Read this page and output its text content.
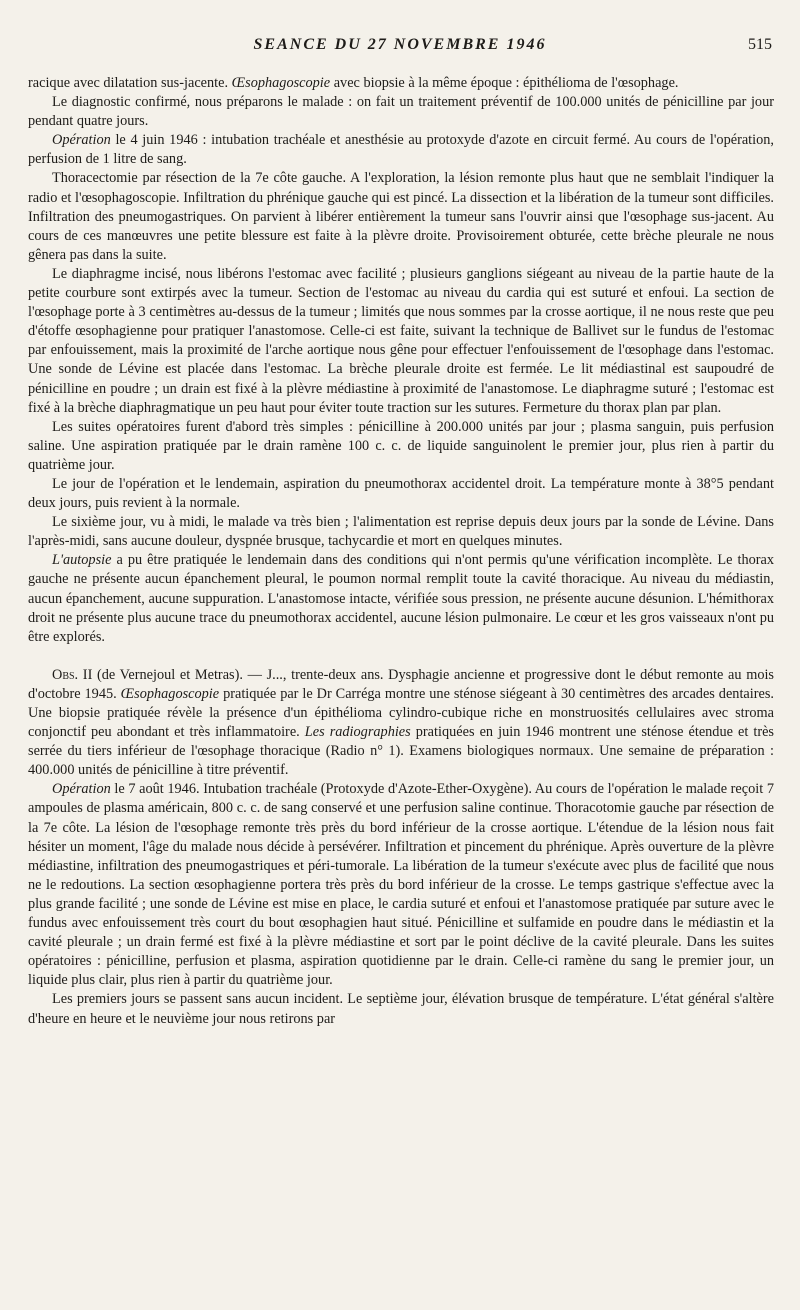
SEANCE DU 27 NOVEMBRE 1946	515

racique avec dilatation sus-jacente. Œsophagoscopie avec biopsie à la même époque : épithélioma de l'œsophage.

Le diagnostic confirmé, nous préparons le malade : on fait un traitement préventif de 100.000 unités de pénicilline par jour pendant quatre jours.

Opération le 4 juin 1946 : intubation trachéale et anesthésie au protoxyde d'azote en circuit fermé. Au cours de l'opération, perfusion de 1 litre de sang.

Thoracectomie par résection de la 7e côte gauche. A l'exploration, la lésion remonte plus haut que ne semblait l'indiquer la radio et l'œsophagoscopie. Infiltration du phrénique gauche qui est pincé. La dissection et la libération de la tumeur sont difficiles. Infiltration des pneumogastriques. On parvient à libérer entièrement la tumeur sans l'ouvrir ainsi que l'œsophage sus-jacent. Au cours de ces manœuvres une petite blessure est faite à la plèvre droite. Provisoirement obturée, cette brèche pleurale ne nous gênera pas dans la suite.

Le diaphragme incisé, nous libérons l'estomac avec facilité ; plusieurs ganglions siégeant au niveau de la partie haute de la petite courbure sont extirpés avec la tumeur. Section de l'estomac au niveau du cardia qui est suturé et enfoui. La section de l'œsophage porte à 3 centimètres au-dessus de la tumeur ; limités que nous sommes par la crosse aortique, il ne nous reste que peu d'étoffe œsophagienne pour pratiquer l'anastomose. Celle-ci est faite, suivant la technique de Ballivet sur le fundus de l'estomac par enfouissement, mais la proximité de l'arche aortique nous gêne pour effectuer l'enfouissement de l'œsophage dans l'estomac. Une sonde de Lévine est placée dans l'estomac. La brèche pleurale droite est fermée. Le lit médiastinal est saupoudré de pénicilline en poudre ; un drain est fixé à la plèvre médiastine à proximité de l'anastomose. Le diaphragme suturé ; l'estomac est fixé à la brèche diaphragmatique un peu haut pour éviter toute traction sur les sutures. Fermeture du thorax plan par plan.

Les suites opératoires furent d'abord très simples : pénicilline à 200.000 unités par jour ; plasma sanguin, puis perfusion saline. Une aspiration pratiquée par le drain ramène 100 c. c. de liquide sanguinolent le premier jour, plus rien à partir du quatrième jour.

Le jour de l'opération et le lendemain, aspiration du pneumothorax accidentel droit. La température monte à 38°5 pendant deux jours, puis revient à la normale.

Le sixième jour, vu à midi, le malade va très bien ; l'alimentation est reprise depuis deux jours par la sonde de Lévine. Dans l'après-midi, sans aucune douleur, dyspnée brusque, tachycardie et mort en quelques minutes.

L'autopsie a pu être pratiquée le lendemain dans des conditions qui n'ont permis qu'une vérification incomplète. Le thorax gauche ne présente aucun épanchement pleural, le poumon normal remplit toute la cavité thoracique. Au niveau du médiastin, aucun épanchement, aucune suppuration. L'anastomose intacte, vérifiée sous pression, ne présente aucune désunion. L'hémithorax droit ne présente plus aucune trace du pneumothorax accidentel, aucune lésion pulmonaire. Le cœur et les gros vaisseaux n'ont pu être explorés.

Obs. II (de Vernejoul et Metras). — J..., trente-deux ans. Dysphagie ancienne et progressive dont le début remonte au mois d'octobre 1945. Œsophagoscopie pratiquée par le Dr Carréga montre une sténose siégeant à 30 centimètres des arcades dentaires. Une biopsie pratiquée révèle la présence d'un épithélioma cylindro-cubique riche en monstruosités cellulaires avec stroma conjonctif peu abondant et très inflammatoire. Les radiographies pratiquées en juin 1946 montrent une sténose étendue et très serrée du tiers inférieur de l'œsophage thoracique (Radio n° 1). Examens biologiques normaux. Une semaine de préparation : 400.000 unités de pénicilline à titre préventif.

Opération le 7 août 1946. Intubation trachéale (Protoxyde d'Azote-Ether-Oxygène). Au cours de l'opération le malade reçoit 7 ampoules de plasma américain, 800 c. c. de sang conservé et une perfusion saline continue. Thoracotomie gauche par résection de la 7e côte. La lésion de l'œsophage remonte très près du bord inférieur de la crosse aortique. L'étendue de la lésion nous fait hésiter un moment, l'âge du malade nous décide à persévérer. Infiltration et pincement du phrénique. Après ouverture de la plèvre médiastine, infiltration des pneumogastriques et péri-tumorale. La libération de la tumeur s'exécute avec plus de facilité que nous ne le redoutions. La section œsophagienne portera très près du bord inférieur de la crosse. Le temps gastrique s'effectue avec la plus grande facilité ; une sonde de Lévine est mise en place, le cardia suturé et enfoui et l'anastomose pratiquée par suture avec le fundus avec enfouissement très court du bout œsophagien haut situé. Pénicilline et sulfamide en poudre dans le médiastin et la cavité pleurale ; un drain fermé est fixé à la plèvre médiastine et sort par le point déclive de la cavité pleurale. Dans les suites opératoires : pénicilline, perfusion et plasma, aspiration quotidienne par le drain. Celle-ci ramène du sang le premier jour, un liquide plus clair, plus rien à partir du quatrième jour.

Les premiers jours se passent sans aucun incident. Le septième jour, élévation brusque de température. L'état général s'altère d'heure en heure et le neuvième jour nous retirons par
